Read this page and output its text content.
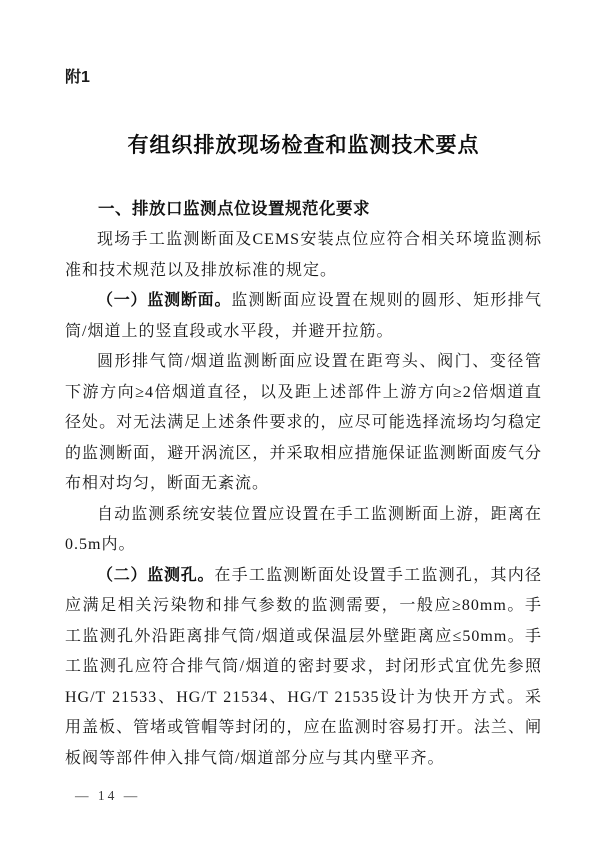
附1
有组织排放现场检查和监测技术要点
一、排放口监测点位设置规范化要求

现场手工监测断面及CEMS安装点位应符合相关环境监测标准和技术规范以及排放标准的规定。

（一）监测断面。监测断面应设置在规则的圆形、矩形排气筒/烟道上的竖直段或水平段，并避开拉筋。

圆形排气筒/烟道监测断面应设置在距弯头、阀门、变径管下游方向≥4倍烟道直径，以及距上述部件上游方向≥2倍烟道直径处。对无法满足上述条件要求的，应尽可能选择流场均匀稳定的监测断面，避开涡流区，并采取相应措施保证监测断面废气分布相对均匀，断面无紊流。

自动监测系统安装位置应设置在手工监测断面上游，距离在0.5m内。

（二）监测孔。在手工监测断面处设置手工监测孔，其内径应满足相关污染物和排气参数的监测需要，一般应≥80mm。手工监测孔外沿距离排气筒/烟道或保温层外壁距离应≤50mm。手工监测孔应符合排气筒/烟道的密封要求，封闭形式宜优先参照HG/T 21533、HG/T 21534、HG/T 21535设计为快开方式。采用盖板、管堵或管帽等封闭的，应在监测时容易打开。法兰、闸板阀等部件伸入排气筒/烟道部分应与其内壁平齐。

— 14 —
